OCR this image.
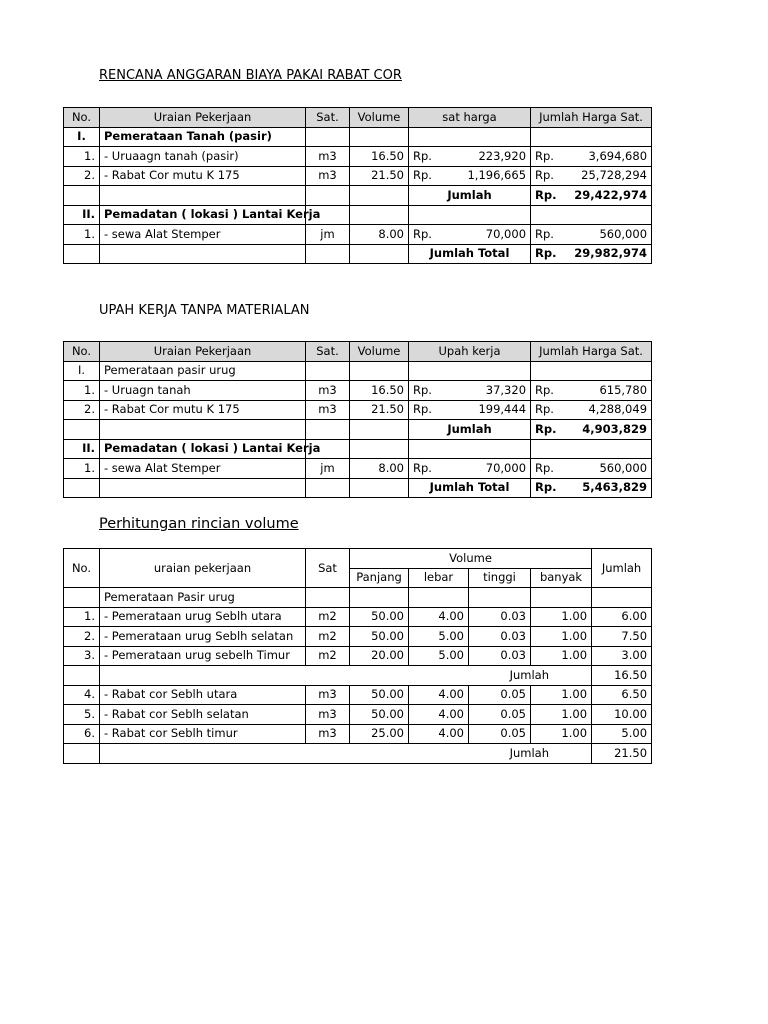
RENCANA ANGGARAN BIAYA PAKAI RABAT COR
No.	Uraian Pekerjaan	Sat.	Volume	sat harga		Jumlah Harga Sat.	
I.	Pemerataan Tanah (pasir)						
1.	- Uruaagn tanah (pasir)	m3	16.50	Rp.	223,920	Rp.	3,694,680
2.	- Rabat Cor mutu K 175	m3	21.50	Rp.	1,196,665	Rp.	25,728,294
				Jumlah		Rp.	29,422,974
II.	Pemadatan ( lokasi ) Lantai Kerja						
1.	- sewa Alat Stemper	jm	8.00	Rp.	70,000	Rp.	560,000
				Jumlah Total		Rp.	29,982,974
UPAH KERJA TANPA MATERIALAN
No.	Uraian Pekerjaan	Sat.	Volume	Upah kerja		Jumlah Harga Sat.	
I.	Pemerataan pasir urug						
1.	- Uruagn tanah	m3	16.50	Rp.	37,320	Rp.	615,780
2.	- Rabat Cor mutu K 175	m3	21.50	Rp.	199,444	Rp.	4,288,049
				Jumlah		Rp.	4,903,829
II.	Pemadatan ( lokasi ) Lantai Kerja						
1.	- sewa Alat Stemper	jm	8.00	Rp.	70,000	Rp.	560,000
				Jumlah Total		Rp.	5,463,829
Perhitungan rincian volume
No.	uraian pekerjaan	Sat	Volume				Jumlah
			Panjang	lebar	tinggi	banyak	
	Pemerataan Pasir urug						
1.	- Pemerataan urug Seblh utara	m2	50.00	4.00	0.03	1.00	6.00
2.	- Pemerataan urug Seblh selatan	m2	50.00	5.00	0.03	1.00	7.50
3.	- Pemerataan urug sebelh Timur	m2	20.00	5.00	0.03	1.00	3.00
	Jumlah						16.50
4.	- Rabat cor Seblh utara	m3	50.00	4.00	0.05	1.00	6.50
5.	- Rabat cor Seblh selatan	m3	50.00	4.00	0.05	1.00	10.00
6.	- Rabat cor Seblh timur	m3	25.00	4.00	0.05	1.00	5.00
	Jumlah						21.50
